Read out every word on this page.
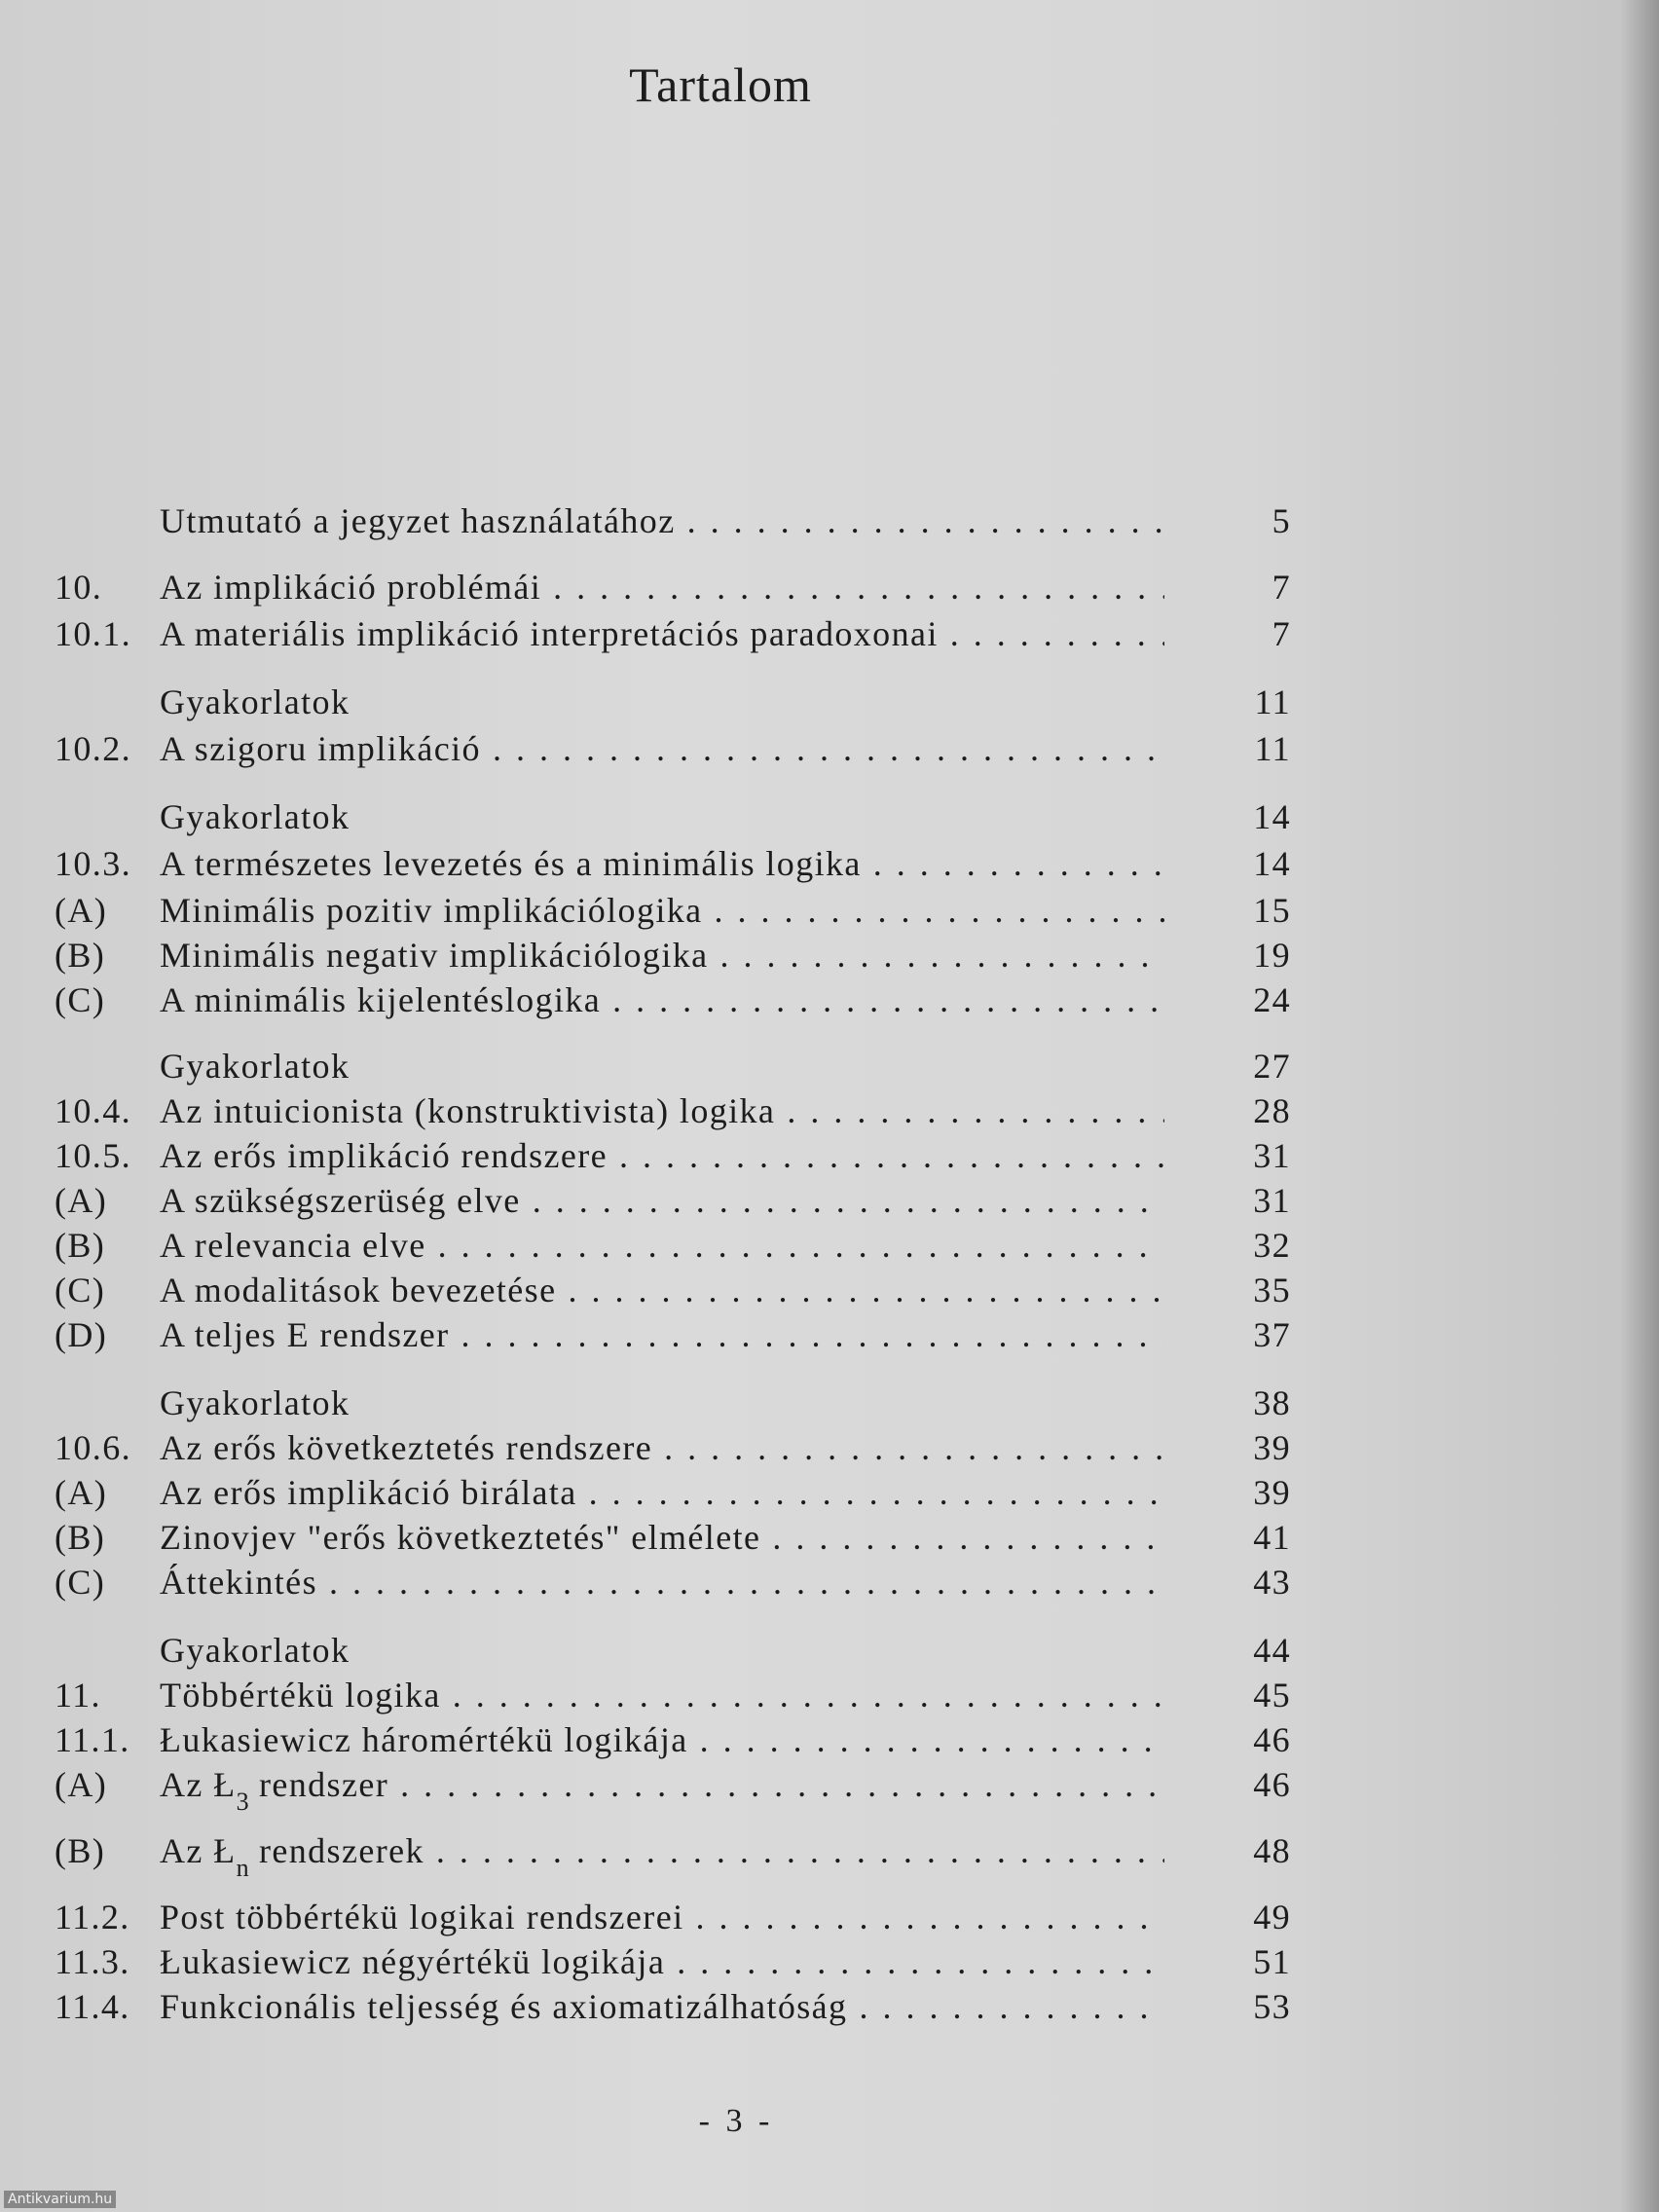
Tartalom
Utmutató a jegyzet használatához . . .	5
10. Az implikáció problémái . . .	7
10.1. A materiális implikáció interpretációs paradoxonai . . .	7
Gyakorlatok	11
10.2. A szigoru implikáció . . .	11
Gyakorlatok	14
10.3. A természetes levezetés és a minimális logika . . .	14
(A) Minimális pozitiv implikációlogika . . .	15
(B) Minimális negativ implikációlogika . . .	19
(C) A minimális kijelentéslogika . . .	24
Gyakorlatok	27
10.4. Az intuicionista (konstruktivista) logika . . .	28
10.5. Az erős implikáció rendszere . . .	31
(A) A szükségszerüség elve . . .	31
(B) A relevancia elve . . .	32
(C) A modalitások bevezetése . . .	35
(D) A teljes E rendszer . . .	37
Gyakorlatok	38
10.6. Az erős következtetés rendszere . . .	39
(A) Az erős implikáció birálata . . .	39
(B) Zinovjev "erős következtetés" elmélete . . .	41
(C) Áttekintés . . .	43
Gyakorlatok	44
11. Többértékü logika . . .	45
11.1. Łukasiewicz háromértékü logikája . . .	46
(A) Az $Ł_3$ rendszer . . .	46
(B) Az $Ł_n$ rendszerek . . .	48
11.2. Post többértékü logikai rendszerei . . .	49
11.3. Łukasiewicz négyértékü logikája . . .	51
11.4. Funkcionális teljesség és axiomatizálhatóság . . .	53
- 3 -
Antikvarium.hu
